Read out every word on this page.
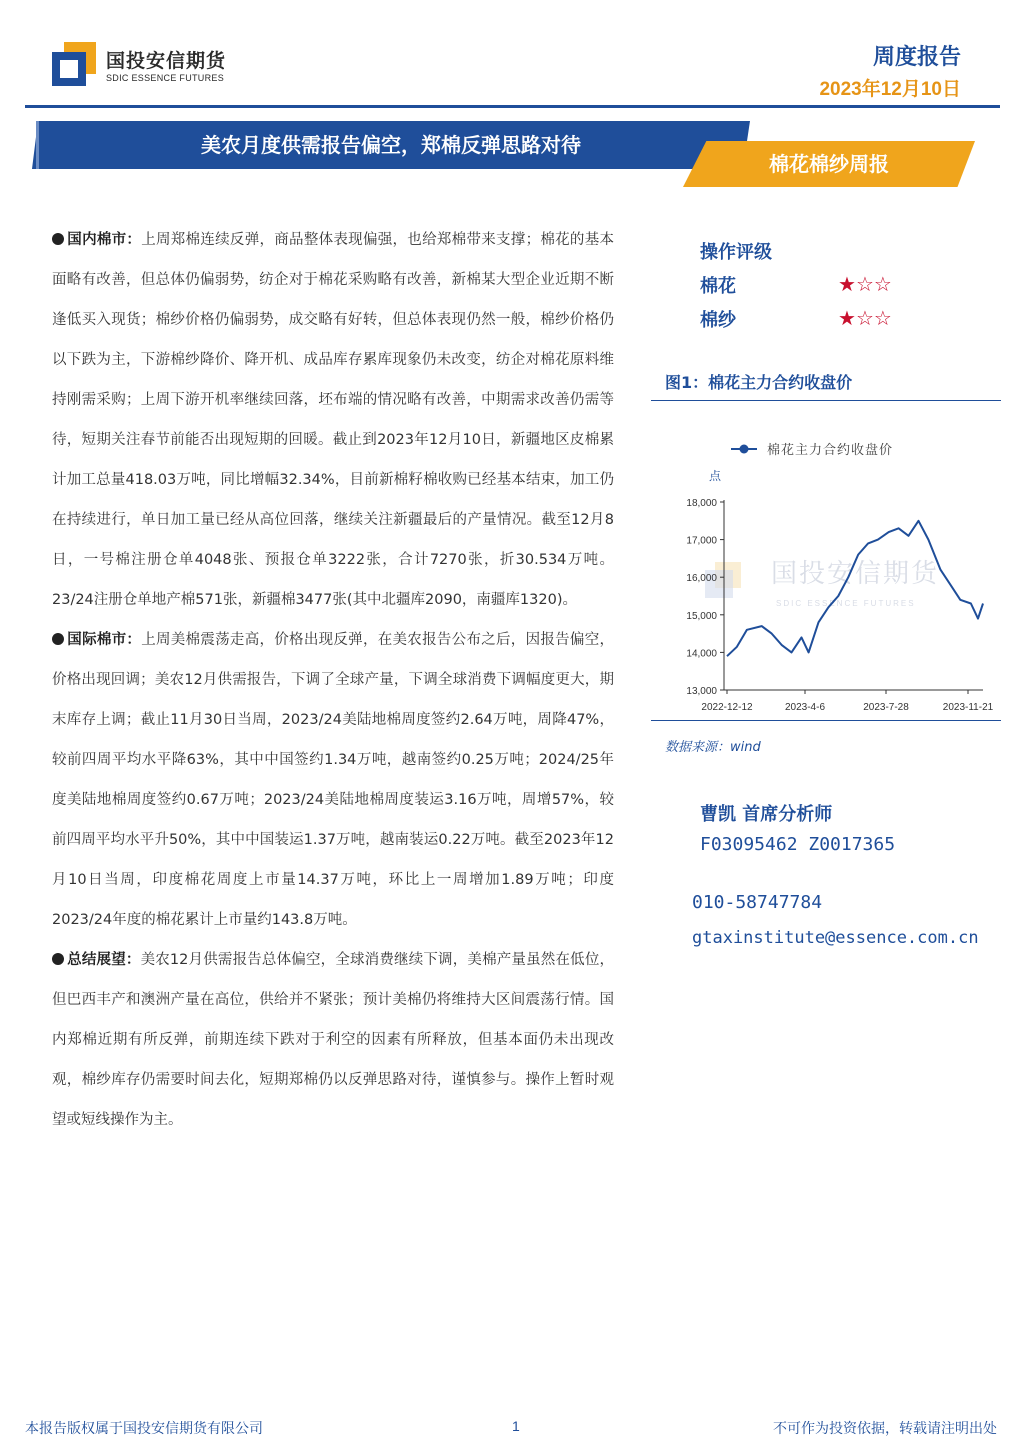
国投安信期货
SDIC ESSENCE FUTURES
周度报告
2023年12月10日
美农月度供需报告偏空，郑棉反弹思路对待
棉花棉纱周报

国内棉市：上周郑棉连续反弹，商品整体表现偏强，也给郑棉带来支撑；棉花的基本面略有改善，但总体仍偏弱势，纺企对于棉花采购略有改善，新棉某大型企业近期不断逢低买入现货；棉纱价格仍偏弱势，成交略有好转，但总体表现仍然一般，棉纱价格仍以下跌为主，下游棉纱降价、降开机、成品库存累库现象仍未改变，纺企对棉花原料维持刚需采购；上周下游开机率继续回落，坯布端的情况略有改善，中期需求改善仍需等待，短期关注春节前能否出现短期的回暖。截止到2023年12月10日，新疆地区皮棉累计加工总量418.03万吨，同比增幅32.34%，目前新棉籽棉收购已经基本结束，加工仍在持续进行，单日加工量已经从高位回落，继续关注新疆最后的产量情况。截至12月8日，一号棉注册仓单4048张、预报仓单3222张，合计7270张，折30.534万吨。23/24注册仓单地产棉571张，新疆棉3477张(其中北疆库2090，南疆库1320)。

国际棉市：上周美棉震荡走高，价格出现反弹，在美农报告公布之后，因报告偏空，价格出现回调；美农12月供需报告，下调了全球产量，下调全球消费下调幅度更大，期末库存上调；截止11月30日当周，2023/24美陆地棉周度签约2.64万吨，周降47%，较前四周平均水平降63%，其中中国签约1.34万吨，越南签约0.25万吨；2024/25年度美陆地棉周度签约0.67万吨；2023/24美陆地棉周度装运3.16万吨，周增57%，较前四周平均水平升50%，其中中国装运1.37万吨，越南装运0.22万吨。截至2023年12月10日当周，印度棉花周度上市量14.37万吨，环比上一周增加1.89万吨；印度2023/24年度的棉花累计上市量约143.8万吨。

总结展望：美农12月供需报告总体偏空，全球消费继续下调，美棉产量虽然在低位，但巴西丰产和澳洲产量在高位，供给并不紧张；预计美棉仍将维持大区间震荡行情。国内郑棉近期有所反弹，前期连续下跌对于利空的因素有所释放，但基本面仍未出现改观，棉纱库存仍需要时间去化，短期郑棉仍以反弹思路对待，谨慎参与。操作上暂时观望或短线操作为主。

操作评级
棉花	★☆☆
棉纱	★☆☆
图1：棉花主力合约收盘价
国投安信期货
SDIC ESSENCE FUTURES
棉花主力合约收盘价
点
13,000
14,000
15,000
16,000
17,000
18,000
2022-12-12	2023-4-6	2023-7-28	2023-11-21
数据来源：wind
曹凯 首席分析师
F03095462 Z0017365
010-58747784
gtaxinstitute@essence.com.cn
本报告版权属于国投安信期货有限公司	1	不可作为投资依据，转载请注明出处
